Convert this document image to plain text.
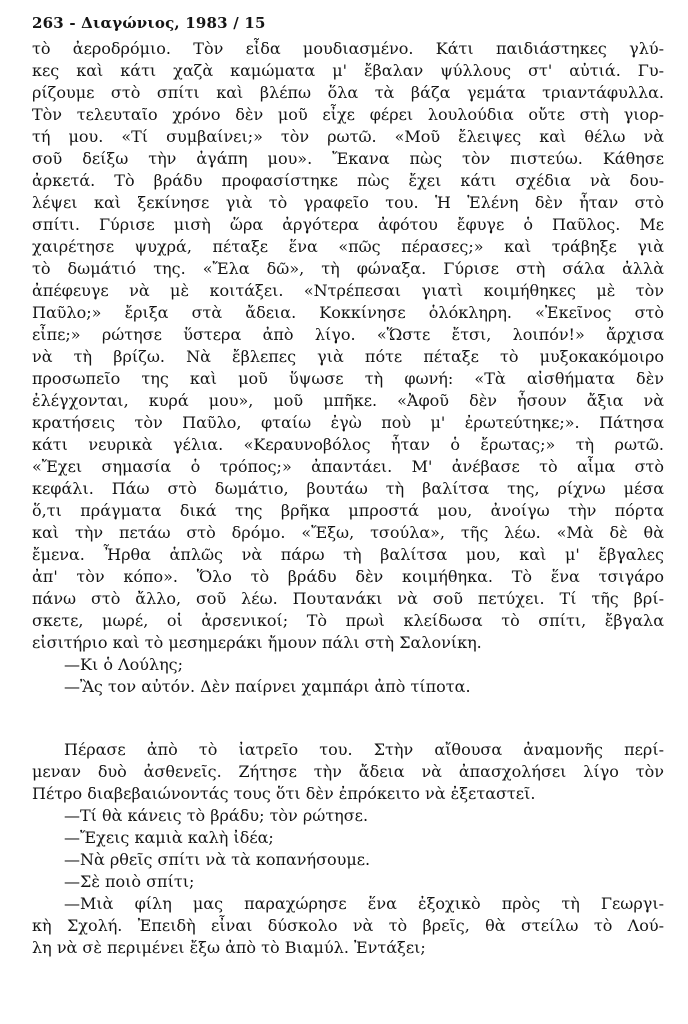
263 - Διαγώνιος, 1983 / 15
τὸ ἀεροδρόμιο. Τὸν εἶδα μουδιασμένο. Κάτι παιδιάστηκες γλύ-
κες καὶ κάτι χαζὰ καμώματα μ' ἔβαλαν ψύλλους στ' αὐτιά. Γυ-
ρίζουμε στὸ σπίτι καὶ βλέπω ὅλα τὰ βάζα γεμάτα τριαντάφυλλα.
Τὸν τελευταῖο χρόνο δὲν μοῦ εἶχε φέρει λουλούδια οὔτε στὴ γιορ-
τή μου. «Τί συμβαίνει;» τὸν ρωτῶ. «Μοῦ ἔλειψες καὶ θέλω νὰ
σοῦ δείξω τὴν ἀγάπη μου». Ἔκανα πὼς τὸν πιστεύω. Κάθησε
ἀρκετά. Τὸ βράδυ προφασίστηκε πὼς ἔχει κάτι σχέδια νὰ δου-
λέψει καὶ ξεκίνησε γιὰ τὸ γραφεῖο του. Ἡ Ἑλένη δὲν ἦταν στὸ
σπίτι. Γύρισε μισὴ ὥρα ἀργότερα ἀφότου ἔφυγε ὁ Παῦλος. Με
χαιρέτησε ψυχρά, πέταξε ἕνα «πῶς πέρασες;» καὶ τράβηξε γιὰ
τὸ δωμάτιό της. «Ἔλα δῶ», τὴ φώναξα. Γύρισε στὴ σάλα ἀλλὰ
ἀπέφευγε νὰ μὲ κοιτάξει. «Ντρέπεσαι γιατὶ κοιμήθηκες μὲ τὸν
Παῦλο;» ἔριξα στὰ ἄδεια. Κοκκίνησε ὁλόκληρη. «Ἐκεῖνος στὸ
εἶπε;» ρώτησε ὕστερα ἀπὸ λίγο. «Ὥστε ἔτσι, λοιπόν!» ἄρχισα
νὰ τὴ βρίζω. Νὰ ἔβλεπες γιὰ πότε πέταξε τὸ μυξοκακόμοιρο
προσωπεῖο της καὶ μοῦ ὕψωσε τὴ φωνή: «Τὰ αἰσθήματα δὲν
ἐλέγχονται, κυρά μου», μοῦ μπῆκε. «Ἀφοῦ δὲν ἦσουν ἄξια νὰ
κρατήσεις τὸν Παῦλο, φταίω ἐγὼ ποὺ μ' ἐρωτεύτηκε;». Πάτησα
κάτι νευρικὰ γέλια. «Κεραυνοβόλος ἦταν ὁ ἔρωτας;» τὴ ρωτῶ.
«Ἔχει σημασία ὁ τρόπος;» ἀπαντάει. Μ' ἀνέβασε τὸ αἷμα στὸ
κεφάλι. Πάω στὸ δωμάτιο, βουτάω τὴ βαλίτσα της, ρίχνω μέσα
ὅ,τι πράγματα δικά της βρῆκα μπροστά μου, ἀνοίγω τὴν πόρτα
καὶ τὴν πετάω στὸ δρόμο. «Ἔξω, τσούλα», τῆς λέω. «Μὰ δὲ θὰ
ἔμενα. Ἦρθα ἁπλῶς νὰ πάρω τὴ βαλίτσα μου, καὶ μ' ἔβγαλες
ἀπ' τὸν κόπο». Ὅλο τὸ βράδυ δὲν κοιμήθηκα. Τὸ ἕνα τσιγάρο
πάνω στὸ ἄλλο, σοῦ λέω. Πουτανάκι νὰ σοῦ πετύχει. Τί τῆς βρί-
σκετε, μωρέ, οἱ ἀρσενικοί; Τὸ πρωὶ κλείδωσα τὸ σπίτι, ἔβγαλα
εἰσιτήριο καὶ τὸ μεσημεράκι ἤμουν πάλι στὴ Σαλονίκη.
—Κι ὁ Λούλης;
—Ἂς τον αὐτόν. Δὲν παίρνει χαμπάρι ἀπὸ τίποτα.
Πέρασε ἀπὸ τὸ ἰατρεῖο του. Στὴν αἴθουσα ἀναμονῆς περί-
μεναν δυὸ ἀσθενεῖς. Ζήτησε τὴν ἄδεια νὰ ἀπασχολήσει λίγο τὸν
Πέτρο διαβεβαιώνοντάς τους ὅτι δὲν ἐπρόκειτο νὰ ἐξεταστεῖ.
—Τί θὰ κάνεις τὸ βράδυ; τὸν ρώτησε.
—Ἔχεις καμιὰ καλὴ ἰδέα;
—Νὰ ρθεῖς σπίτι νὰ τὰ κοπανήσουμε.
—Σὲ ποιὸ σπίτι;
—Μιὰ φίλη μας παραχώρησε ἕνα ἐξοχικὸ πρὸς τὴ Γεωργι-
κὴ Σχολή. Ἐπειδὴ εἶναι δύσκολο νὰ τὸ βρεῖς, θὰ στείλω τὸ Λού-
λη νὰ σὲ περιμένει ἔξω ἀπὸ τὸ Βιαμύλ. Ἐντάξει;
